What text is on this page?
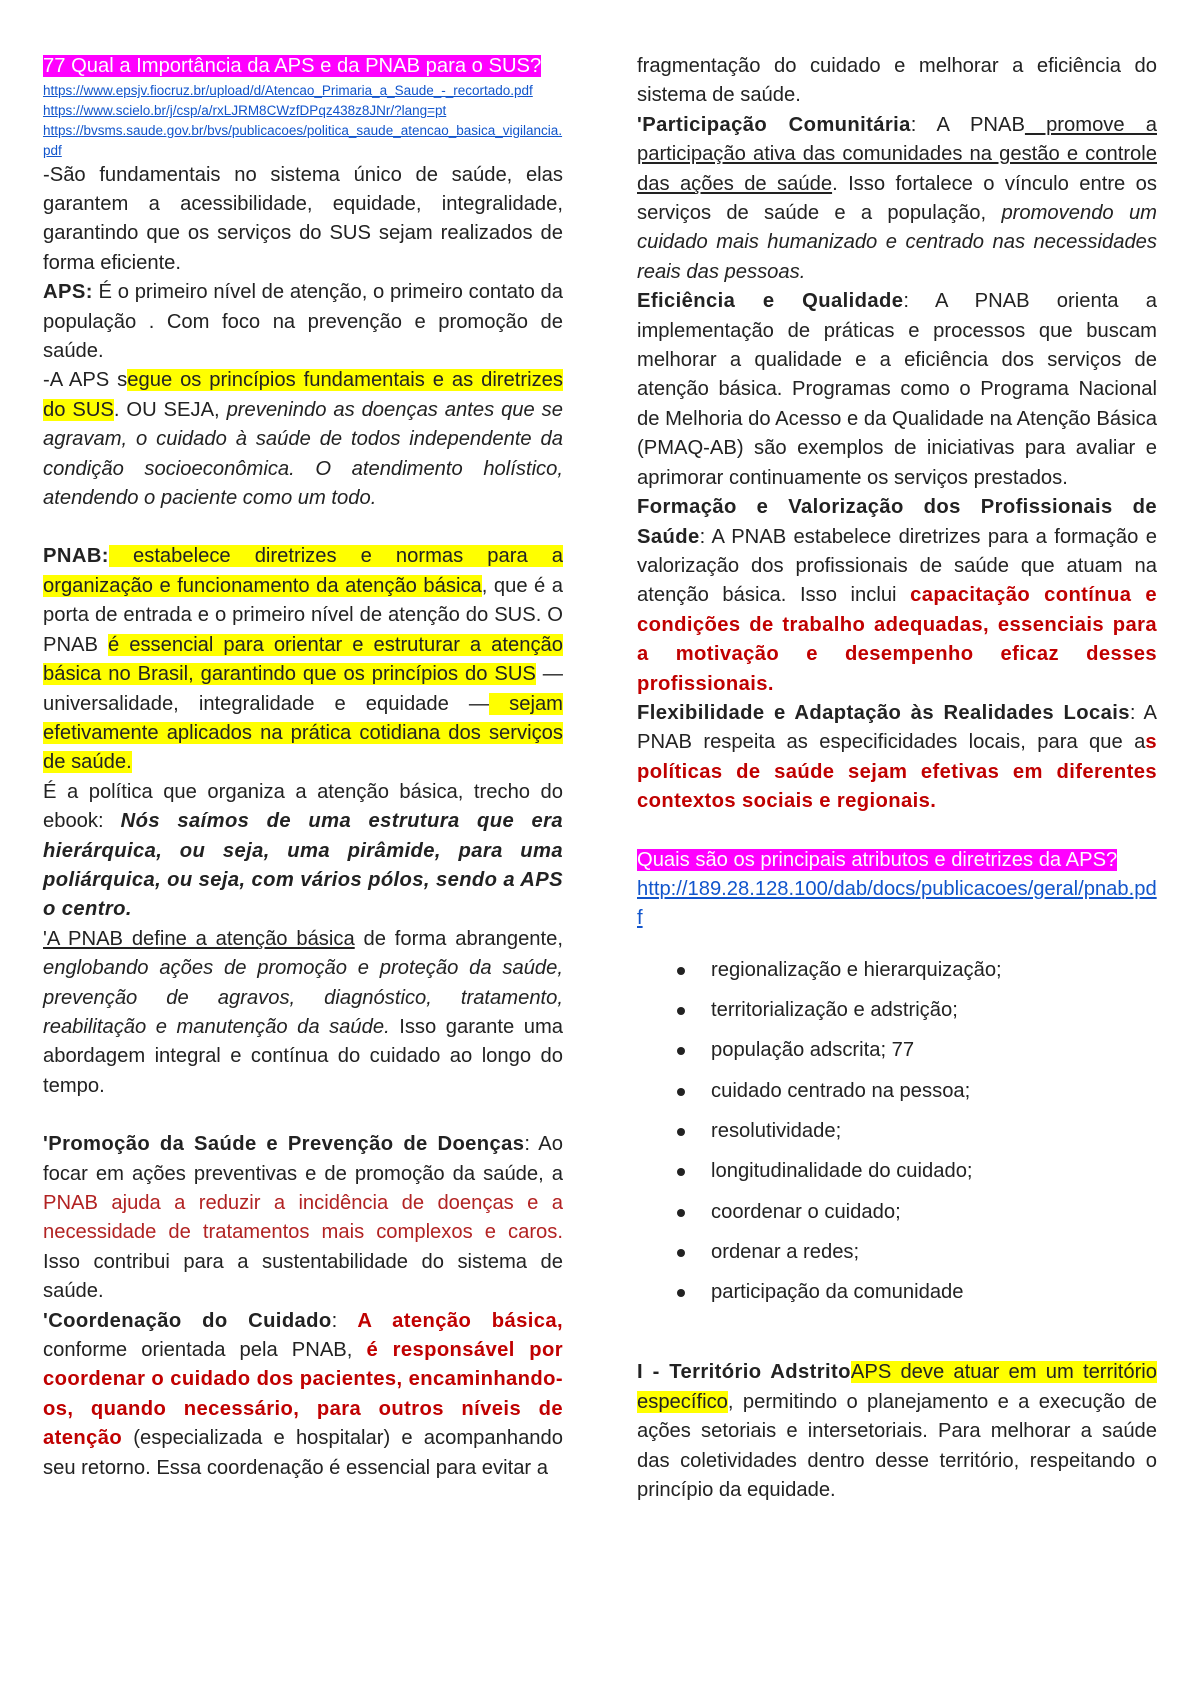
77 Qual a Importância da APS e da PNAB para o SUS?

https://www.epsjv.fiocruz.br/upload/d/Atencao_Primaria_a_Saude_-_recortado.pdf
https://www.scielo.br/j/csp/a/rxLJRM8CWzfDPqz438z8JNr/?lang=pt
https://bvsms.saude.gov.br/bvs/publicacoes/politica_saude_atencao_basica_vigilancia.pdf

-São fundamentais no sistema único de saúde, elas garantem a acessibilidade, equidade, integralidade, garantindo que os serviços do SUS sejam realizados de forma eficiente.

APS: É o primeiro nível de atenção, o primeiro contato da população . Com foco na prevenção e promoção de saúde.

-A APS segue os princípios fundamentais e as diretrizes do SUS. OU SEJA, prevenindo as doenças antes que se agravam, o cuidado à saúde de todos independente da condição socioeconômica. O atendimento holístico, atendendo o paciente como um todo.

PNAB: estabelece diretrizes e normas para a organização e funcionamento da atenção básica, que é a porta de entrada e o primeiro nível de atenção do SUS. O PNAB é essencial para orientar e estruturar a atenção básica no Brasil, garantindo que os princípios do SUS — universalidade, integralidade e equidade — sejam efetivamente aplicados na prática cotidiana dos serviços de saúde.

É a política que organiza a atenção básica, trecho do ebook: Nós saímos de uma estrutura que era hierárquica, ou seja, uma pirâmide, para uma poliárquica, ou seja, com vários pólos, sendo a APS o centro.

'A PNAB define a atenção básica de forma abrangente, englobando ações de promoção e proteção da saúde, prevenção de agravos, diagnóstico, tratamento, reabilitação e manutenção da saúde. Isso garante uma abordagem integral e contínua do cuidado ao longo do tempo.

'Promoção da Saúde e Prevenção de Doenças: Ao focar em ações preventivas e de promoção da saúde, a PNAB ajuda a reduzir a incidência de doenças e a necessidade de tratamentos mais complexos e caros. Isso contribui para a sustentabilidade do sistema de saúde.

'Coordenação do Cuidado: A atenção básica, conforme orientada pela PNAB, é responsável por coordenar o cuidado dos pacientes, encaminhando-os, quando necessário, para outros níveis de atenção (especializada e hospitalar) e acompanhando seu retorno. Essa coordenação é essencial para evitar a

fragmentação do cuidado e melhorar a eficiência do sistema de saúde.

'Participação Comunitária: A PNAB promove a participação ativa das comunidades na gestão e controle das ações de saúde. Isso fortalece o vínculo entre os serviços de saúde e a população, promovendo um cuidado mais humanizado e centrado nas necessidades reais das pessoas.

Eficiência e Qualidade: A PNAB orienta a implementação de práticas e processos que buscam melhorar a qualidade e a eficiência dos serviços de atenção básica. Programas como o Programa Nacional de Melhoria do Acesso e da Qualidade na Atenção Básica (PMAQ-AB) são exemplos de iniciativas para avaliar e aprimorar continuamente os serviços prestados.

Formação e Valorização dos Profissionais de Saúde: A PNAB estabelece diretrizes para a formação e valorização dos profissionais de saúde que atuam na atenção básica. Isso inclui capacitação contínua e condições de trabalho adequadas, essenciais para a motivação e desempenho eficaz desses profissionais.

Flexibilidade e Adaptação às Realidades Locais: A PNAB respeita as especificidades locais, para que as políticas de saúde sejam efetivas em diferentes contextos sociais e regionais.

Quais são os principais atributos e diretrizes da APS?

http://189.28.128.100/dab/docs/publicacoes/geral/pnab.pdf

regionalização e hierarquização;
territorialização e adstrição;
população adscrita; 77
cuidado centrado na pessoa;
resolutividade;
longitudinalidade do cuidado;
coordenar o cuidado;
ordenar a redes;
participação da comunidade

I - Território AdstritoAPS deve atuar em um território específico, permitindo o planejamento e a execução de ações setoriais e intersetoriais. Para melhorar a saúde das coletividades dentro desse território, respeitando o princípio da equidade.
